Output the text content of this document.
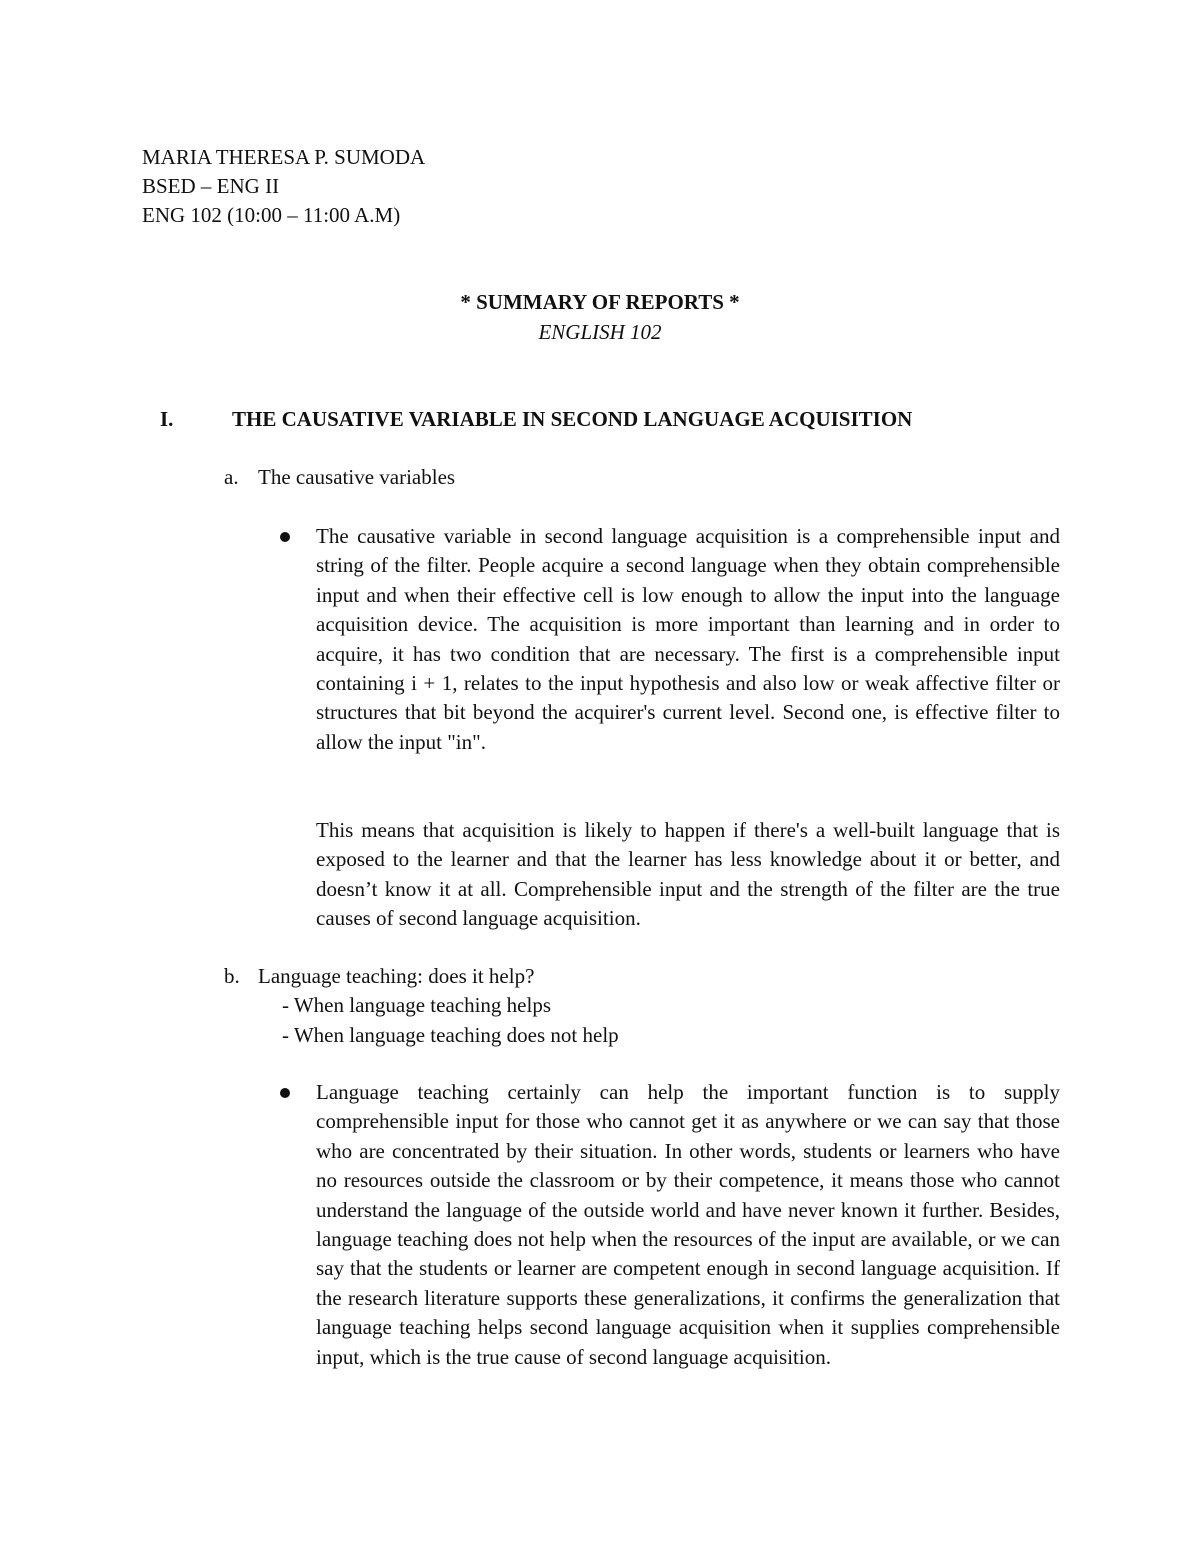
MARIA THERESA P. SUMODA
BSED – ENG II
ENG 102 (10:00 – 11:00 A.M)
* SUMMARY OF REPORTS *
ENGLISH 102
I.	THE CAUSATIVE VARIABLE IN SECOND LANGUAGE ACQUISITION
a. The causative variables

The causative variable in second language acquisition is a comprehensible input and string of the filter. People acquire a second language when they obtain comprehensible input and when their effective cell is low enough to allow the input into the language acquisition device. The acquisition is more important than learning and in order to acquire, it has two condition that are necessary. The first is a comprehensible input containing i + 1, relates to the input hypothesis and also low or weak affective filter or structures that bit beyond the acquirer's current level. Second one, is effective filter to allow the input "in".

This means that acquisition is likely to happen if there's a well-built language that is exposed to the learner and that the learner has less knowledge about it or better, and doesn’t know it at all. Comprehensible input and the strength of the filter are the true causes of second language acquisition.

b. Language teaching: does it help?
- When language teaching helps
- When language teaching does not help

Language teaching certainly can help the important function is to supply comprehensible input for those who cannot get it as anywhere or we can say that those who are concentrated by their situation. In other words, students or learners who have no resources outside the classroom or by their competence, it means those who cannot understand the language of the outside world and have never known it further. Besides, language teaching does not help when the resources of the input are available, or we can say that the students or learner are competent enough in second language acquisition. If the research literature supports these generalizations, it confirms the generalization that language teaching helps second language acquisition when it supplies comprehensible input, which is the true cause of second language acquisition.
